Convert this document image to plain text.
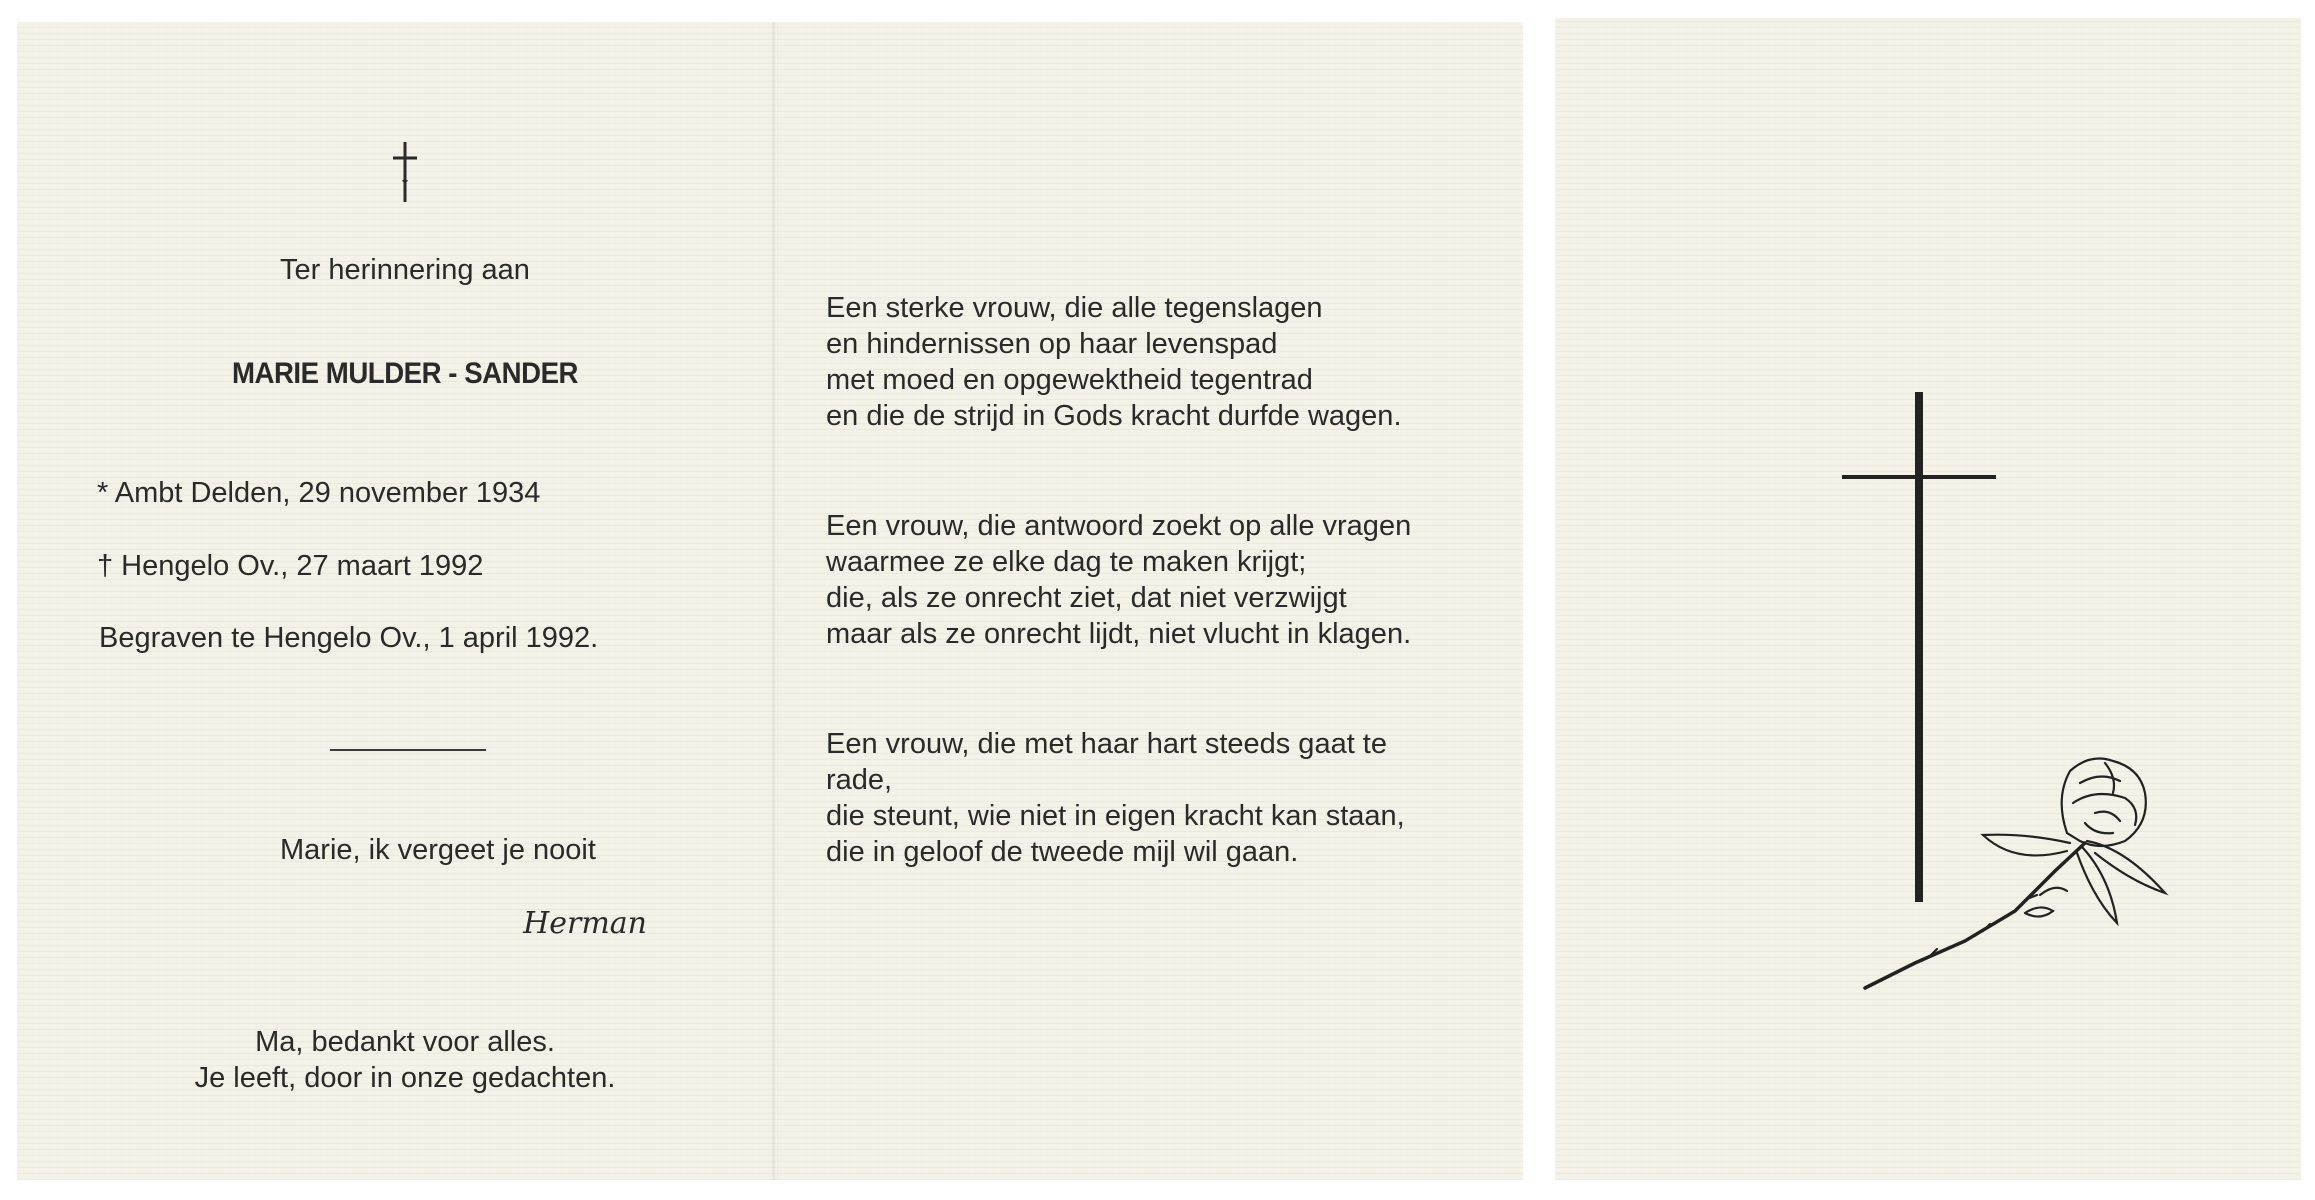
Ter herinnering aan
MARIE MULDER - SANDER
* Ambt Delden, 29 november 1934
† Hengelo Ov., 27 maart 1992
Begraven te Hengelo Ov., 1 april 1992.
Marie, ik vergeet je nooit
Herman
Ma, bedankt voor alles.
Je leeft, door in onze gedachten.
Een sterke vrouw, die alle tegenslagen
en hindernissen op haar levenspad
met moed en opgewektheid tegentrad
en die de strijd in Gods kracht durfde wagen.
Een vrouw, die antwoord zoekt op alle vragen
waarmee ze elke dag te maken krijgt;
die, als ze onrecht ziet, dat niet verzwijgt
maar als ze onrecht lijdt, niet vlucht in klagen.
Een vrouw, die met haar hart steeds gaat te
rade,
die steunt, wie niet in eigen kracht kan staan,
die in geloof de tweede mijl wil gaan.
